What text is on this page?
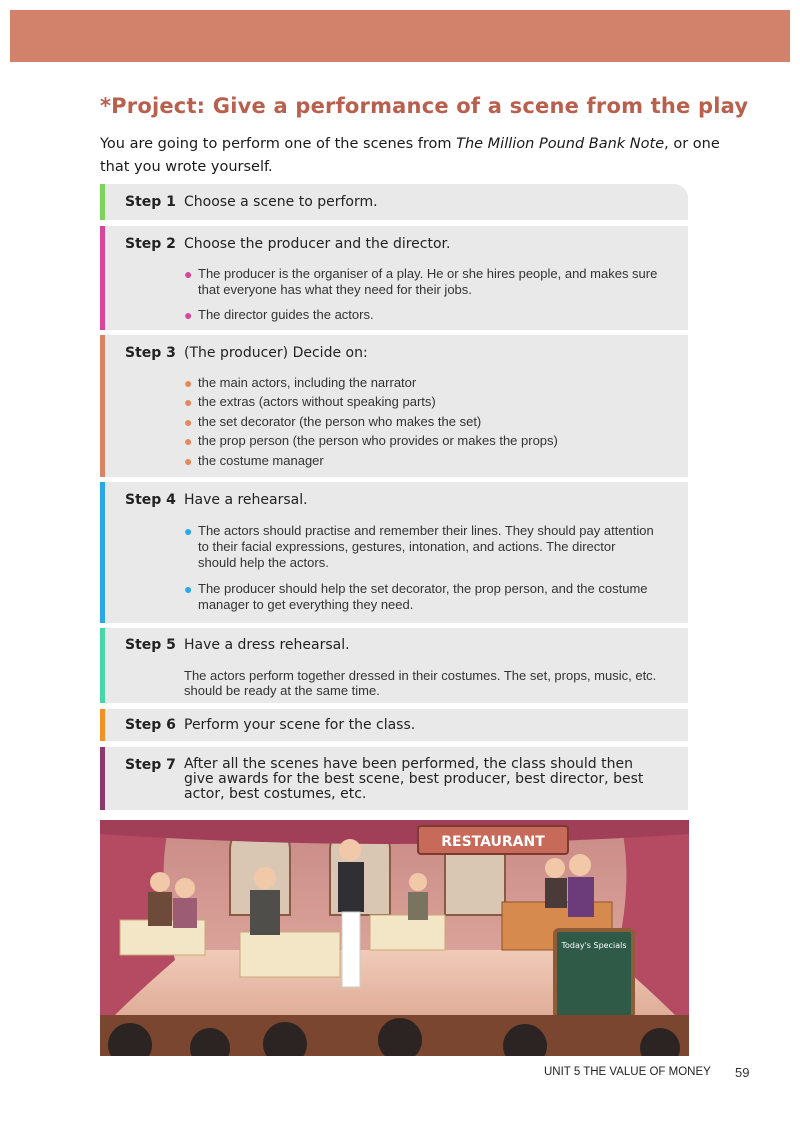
*Project: Give a performance of a scene from the play

You are going to perform one of the scenes from The Million Pound Bank Note, or one that you wrote yourself.

Step 1 Choose a scene to perform.
Step 2 Choose the producer and the director.
● The producer is the organiser of a play. He or she hires people, and makes sure that everyone has what they need for their jobs.
● The director guides the actors.
Step 3 (The producer) Decide on:
● the main actors, including the narrator
● the extras (actors without speaking parts)
● the set decorator (the person who makes the set)
● the prop person (the person who provides or makes the props)
● the costume manager
Step 4 Have a rehearsal.
● The actors should practise and remember their lines. They should pay attention to their facial expressions, gestures, intonation, and actions. The director should help the actors.
● The producer should help the set decorator, the prop person, and the costume manager to get everything they need.
Step 5 Have a dress rehearsal.

The actors perform together dressed in their costumes. The set, props, music, etc. should be ready at the same time.

Step 6 Perform your scene for the class.
Step 7 After all the scenes have been performed, the class should then give awards for the best scene, best producer, best director, best actor, best costumes, etc.
RESTAURANT
Today's Specials
UNIT 5 THE VALUE OF MONEY 59
